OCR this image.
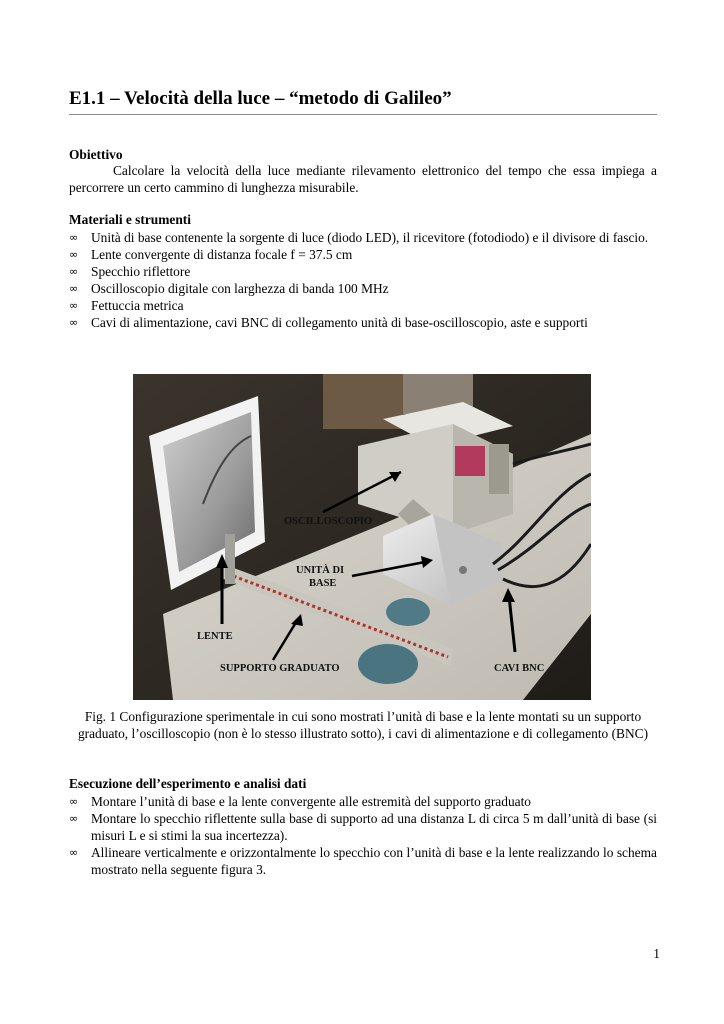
E1.1 – Velocità della luce – “metodo di Galileo”
Obiettivo
Calcolare la velocità della luce mediante rilevamento elettronico del tempo che essa impiega a percorrere un certo cammino di lunghezza misurabile.
Materiali e strumenti
∞ Unità di base contenente la sorgente di luce (diodo LED), il ricevitore (fotodiodo) e il divisore di fascio.
∞ Lente convergente di distanza focale f = 37.5 cm
∞ Specchio riflettore
∞ Oscilloscopio digitale con larghezza di banda 100 MHz
∞ Fettuccia metrica
∞ Cavi di alimentazione, cavi BNC di collegamento unità di base-oscilloscopio, aste e supporti
OSCILLOSCOPIO
UNITÀ DI
BASE
LENTE
SUPPORTO GRADUATO	CAVI BNC
Fig. 1 Configurazione sperimentale in cui sono mostrati l’unità di base e la lente montati su un supporto graduato, l’oscilloscopio (non è lo stesso illustrato sotto), i cavi di alimentazione e di collegamento (BNC)
Esecuzione dell’esperimento e analisi dati
∞ Montare l’unità di base e la lente convergente alle estremità del supporto graduato
∞ Montare lo specchio riflettente sulla base di supporto ad una distanza L di circa 5 m dall’unità di base (si misuri L e si stimi la sua incertezza).
∞ Allineare verticalmente e orizzontalmente lo specchio con l’unità di base e la lente realizzando lo schema mostrato nella seguente figura 3.
1
